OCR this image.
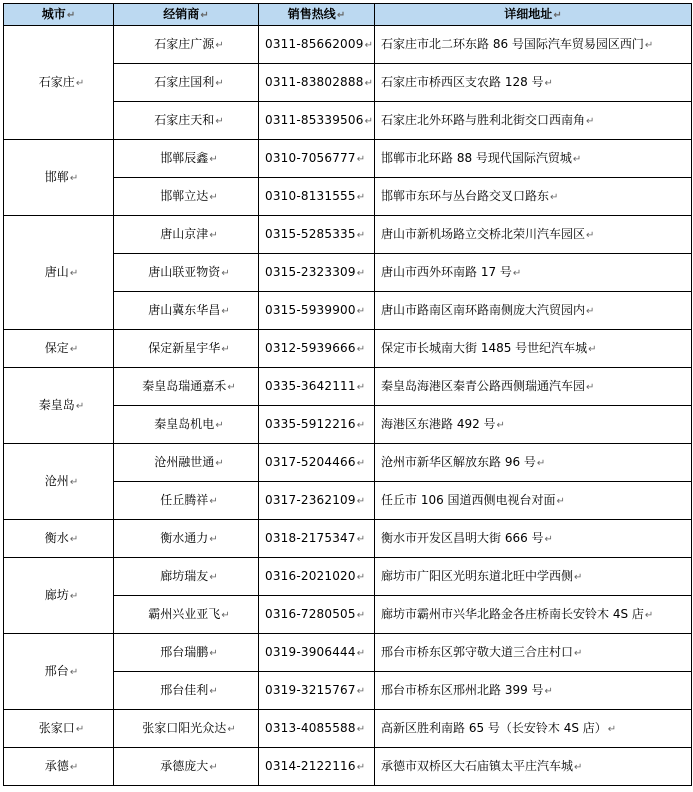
城市↵	经销商↵	销售热线↵	详细地址↵
石家庄↵	石家庄广源↵	0311-85662009↵	石家庄市北二环东路 86 号国际汽车贸易园区西门↵
	石家庄国利↵	0311-83802888↵	石家庄市桥西区支农路 128 号↵
	石家庄天和↵	0311-85339506↵	石家庄北外环路与胜利北街交口西南角↵
邯郸↵	邯郸辰鑫↵	0310-7056777↵	邯郸市北环路 88 号现代国际汽贸城↵
	邯郸立达↵	0310-8131555↵	邯郸市东环与丛台路交叉口路东↵
唐山↵	唐山京津↵	0315-5285335↵	唐山市新机场路立交桥北荣川汽车园区↵
	唐山联亚物资↵	0315-2323309↵	唐山市西外环南路 17 号↵
	唐山冀东华昌↵	0315-5939900↵	唐山市路南区南环路南侧庞大汽贸园内↵
保定↵	保定新星宇华↵	0312-5939666↵	保定市长城南大街 1485 号世纪汽车城↵
秦皇岛↵	秦皇岛瑞通嘉禾↵	0335-3642111↵	秦皇岛海港区秦青公路西侧瑞通汽车园↵
	秦皇岛机电↵	0335-5912216↵	海港区东港路 492 号↵
沧州↵	沧州融世通↵	0317-5204466↵	沧州市新华区解放东路 96 号↵
	任丘腾祥↵	0317-2362109↵	任丘市 106 国道西侧电视台对面↵
衡水↵	衡水通力↵	0318-2175347↵	衡水市开发区昌明大街 666 号↵
廊坊↵	廊坊瑞友↵	0316-2021020↵	廊坊市广阳区光明东道北旺中学西侧↵
	霸州兴业亚飞↵	0316-7280505↵	廊坊市霸州市兴华北路金各庄桥南长安铃木 4S 店↵
邢台↵	邢台瑞鹏↵	0319-3906444↵	邢台市桥东区郭守敬大道三合庄村口↵
	邢台佳利↵	0319-3215767↵	邢台市桥东区邢州北路 399 号↵
张家口↵	张家口阳光众达↵	0313-4085588↵	高新区胜利南路 65 号（长安铃木 4S 店）↵
承德↵	承德庞大↵	0314-2122116↵	承德市双桥区大石庙镇太平庄汽车城↵
